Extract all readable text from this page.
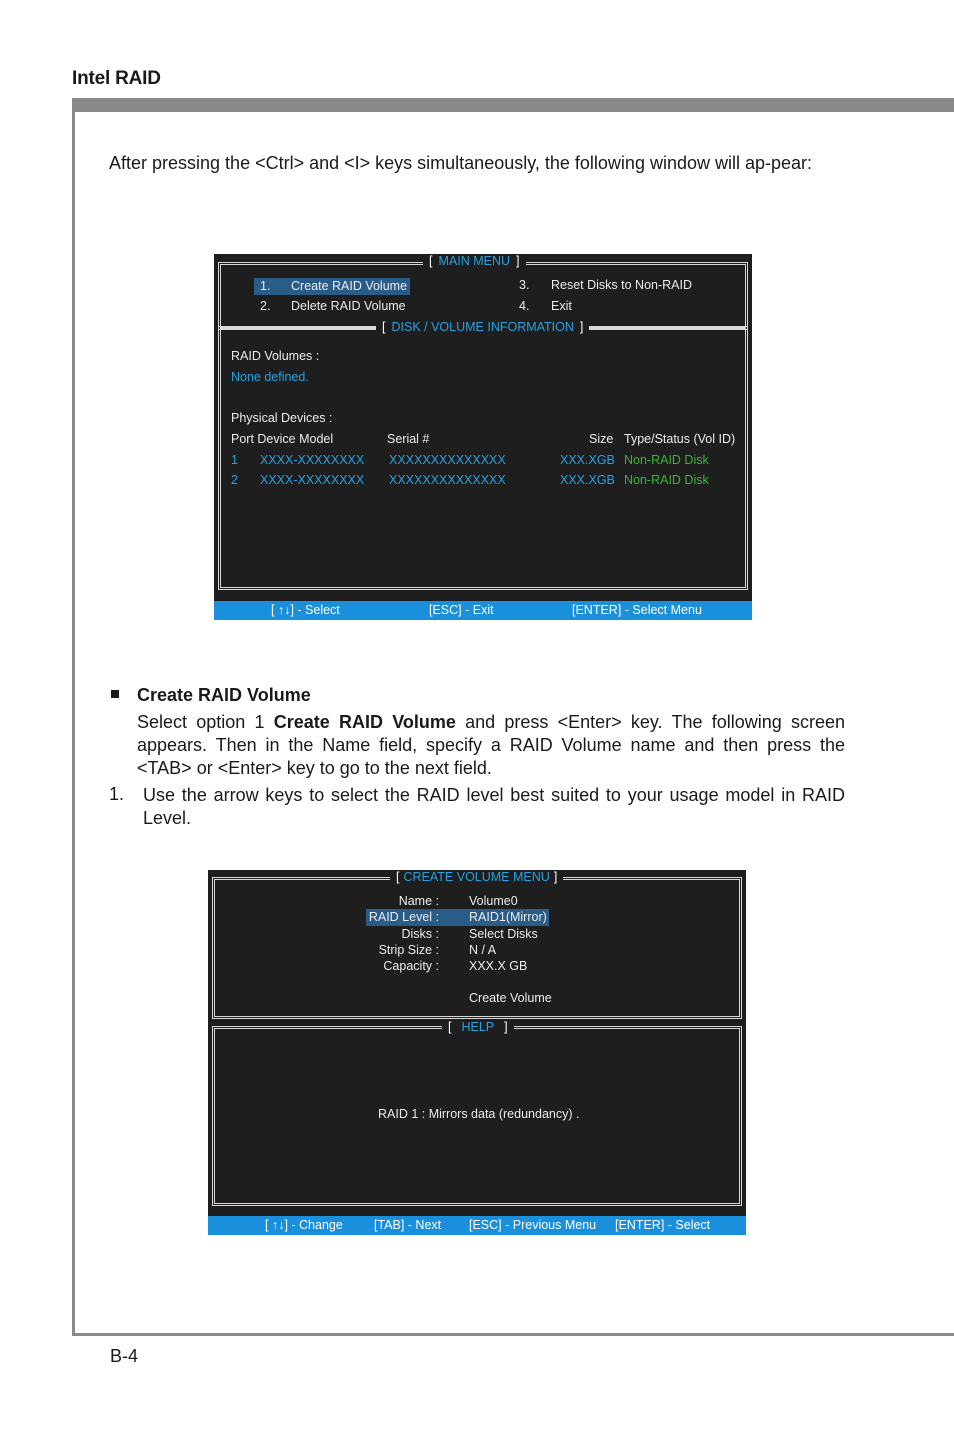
Intel RAID
After pressing the <Ctrl> and <I> keys simultaneously, the following window will ap-pear:
[ MAIN MENU ]
1. Create RAID Volume
2. Delete RAID Volume
3. Reset Disks to Non-RAID
4. Exit
[ DISK / VOLUME INFORMATION ]
RAID Volumes :
None defined.
Physical Devices :
Port Device Model	Serial #	Size Type/Status (Vol ID)
1 XXXX-XXXXXXXX XXXXXXXXXXXXXX	XXX.XGB Non-RAID Disk
2 XXXX-XXXXXXXX XXXXXXXXXXXXXX	XXX.XGB Non-RAID Disk
[ ↑↓] - Select	[ESC] - Exit	[ENTER] - Select Menu
Create RAID Volume
Select option 1 Create RAID Volume and press <Enter> key. The following screen appears. Then in the Name field, specify a RAID Volume name and then press the <TAB> or <Enter> key to go to the next field.
1. Use the arrow keys to select the RAID level best suited to your usage model in RAID Level.
[ CREATE VOLUME MENU ]
Name : Volume0
RAID Level : RAID1(Mirror)
Disks : Select Disks
Strip Size : N / A
Capacity : XXX.X GB
Create Volume
[ HELP ]
RAID 1 : Mirrors data (redundancy) .
[ ↑↓] - Change [TAB] - Next [ESC] - Previous Menu [ENTER] - Select
B-4
